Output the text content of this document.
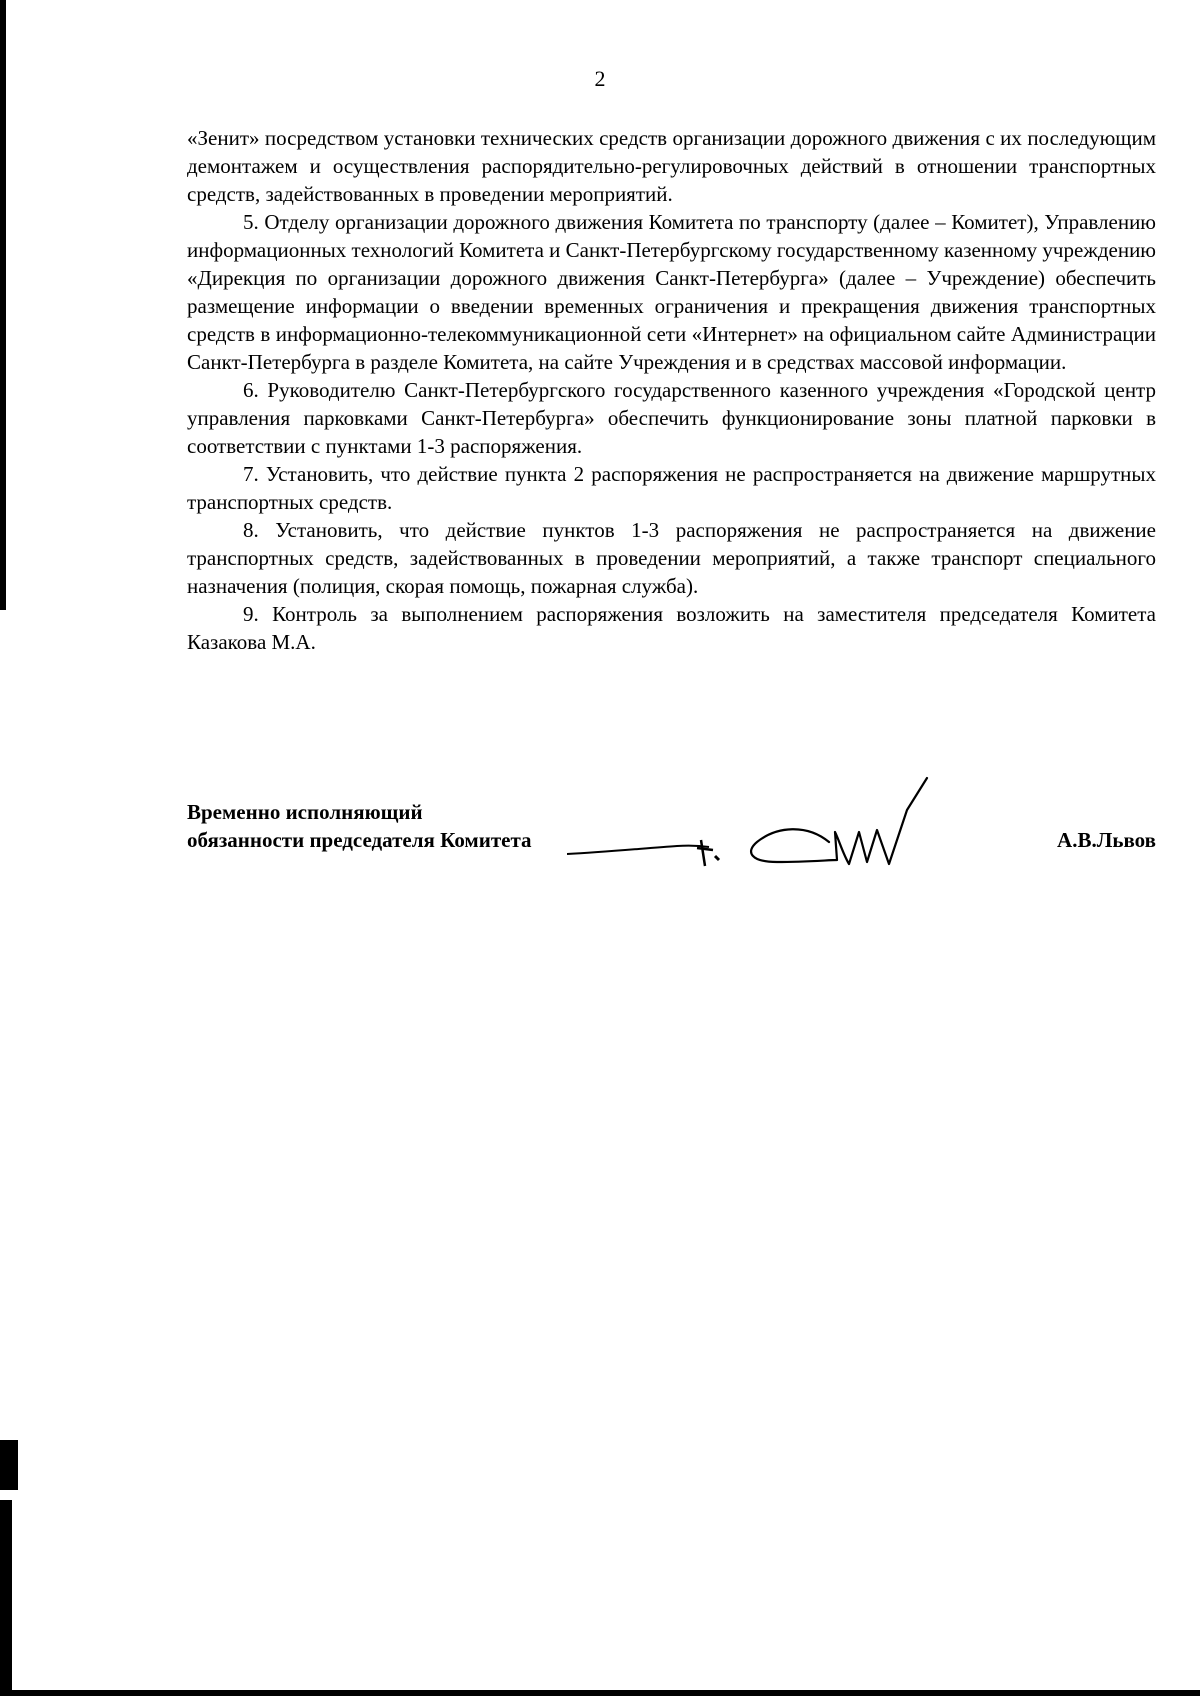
2

«Зенит» посредством установки технических средств организации дорожного движения с их последующим демонтажем и осуществления распорядительно-регулировочных действий в отношении транспортных средств, задействованных в проведении мероприятий.

5. Отделу организации дорожного движения Комитета по транспорту (далее – Комитет), Управлению информационных технологий Комитета и Санкт-Петербургскому государственному казенному учреждению «Дирекция по организации дорожного движения Санкт-Петербурга» (далее – Учреждение) обеспечить размещение информации о введении временных ограничения и прекращения движения транспортных средств в информационно-телекоммуникационной сети «Интернет» на официальном сайте Администрации Санкт-Петербурга в разделе Комитета, на сайте Учреждения и в средствах массовой информации.

6. Руководителю Санкт-Петербургского государственного казенного учреждения «Городской центр управления парковками Санкт-Петербурга» обеспечить функционирование зоны платной парковки в соответствии с пунктами 1-3 распоряжения.

7. Установить, что действие пункта 2 распоряжения не распространяется на движение маршрутных транспортных средств.

8. Установить, что действие пунктов 1-3 распоряжения не распространяется на движение транспортных средств, задействованных в проведении мероприятий, а также транспорт специального назначения (полиция, скорая помощь, пожарная служба).

9. Контроль за выполнением распоряжения возложить на заместителя председателя Комитета Казакова М.А.

Временно исполняющий
обязанности председателя Комитета	А.В.Львов
